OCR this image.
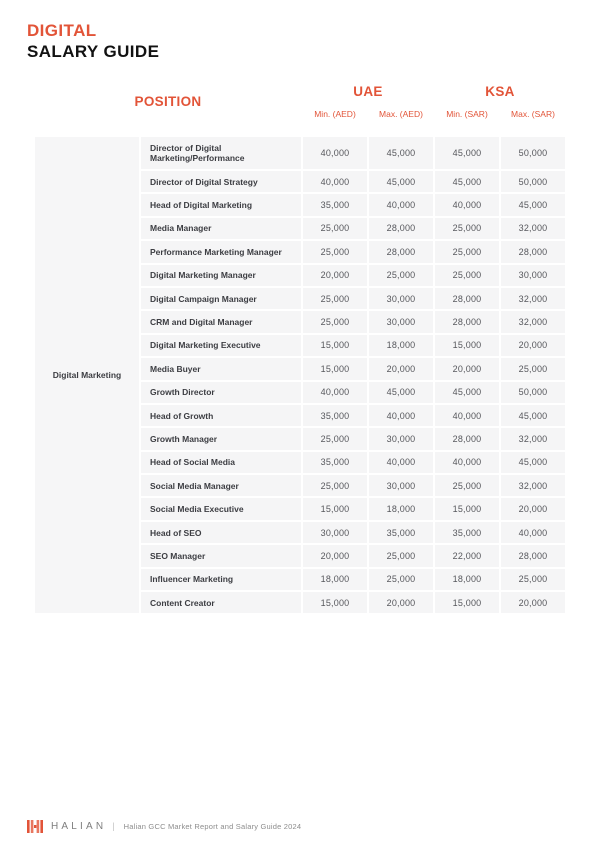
DIGITAL
SALARY GUIDE
POSITION
UAE	KSA
Min. (AED)	Max. (AED)	Min. (SAR)	Max. (SAR)
Digital Marketing
Director of Digital Marketing/Performance	40,000	45,000	45,000	50,000
Director of Digital Strategy	40,000	45,000	45,000	50,000
Head of Digital Marketing	35,000	40,000	40,000	45,000
Media Manager	25,000	28,000	25,000	32,000
Performance Marketing Manager	25,000	28,000	25,000	28,000
Digital Marketing Manager	20,000	25,000	25,000	30,000
Digital Campaign Manager	25,000	30,000	28,000	32,000
CRM and Digital Manager	25,000	30,000	28,000	32,000
Digital Marketing Executive	15,000	18,000	15,000	20,000
Media Buyer	15,000	20,000	20,000	25,000
Growth Director	40,000	45,000	45,000	50,000
Head of Growth	35,000	40,000	40,000	45,000
Growth Manager	25,000	30,000	28,000	32,000
Head of Social Media	35,000	40,000	40,000	45,000
Social Media Manager	25,000	30,000	25,000	32,000
Social Media Executive	15,000	18,000	15,000	20,000
Head of SEO	30,000	35,000	35,000	40,000
SEO Manager	20,000	25,000	22,000	28,000
Influencer Marketing	18,000	25,000	18,000	25,000
Content Creator	15,000	20,000	15,000	20,000
HALIAN | Halian GCC Market Report and Salary Guide 2024
